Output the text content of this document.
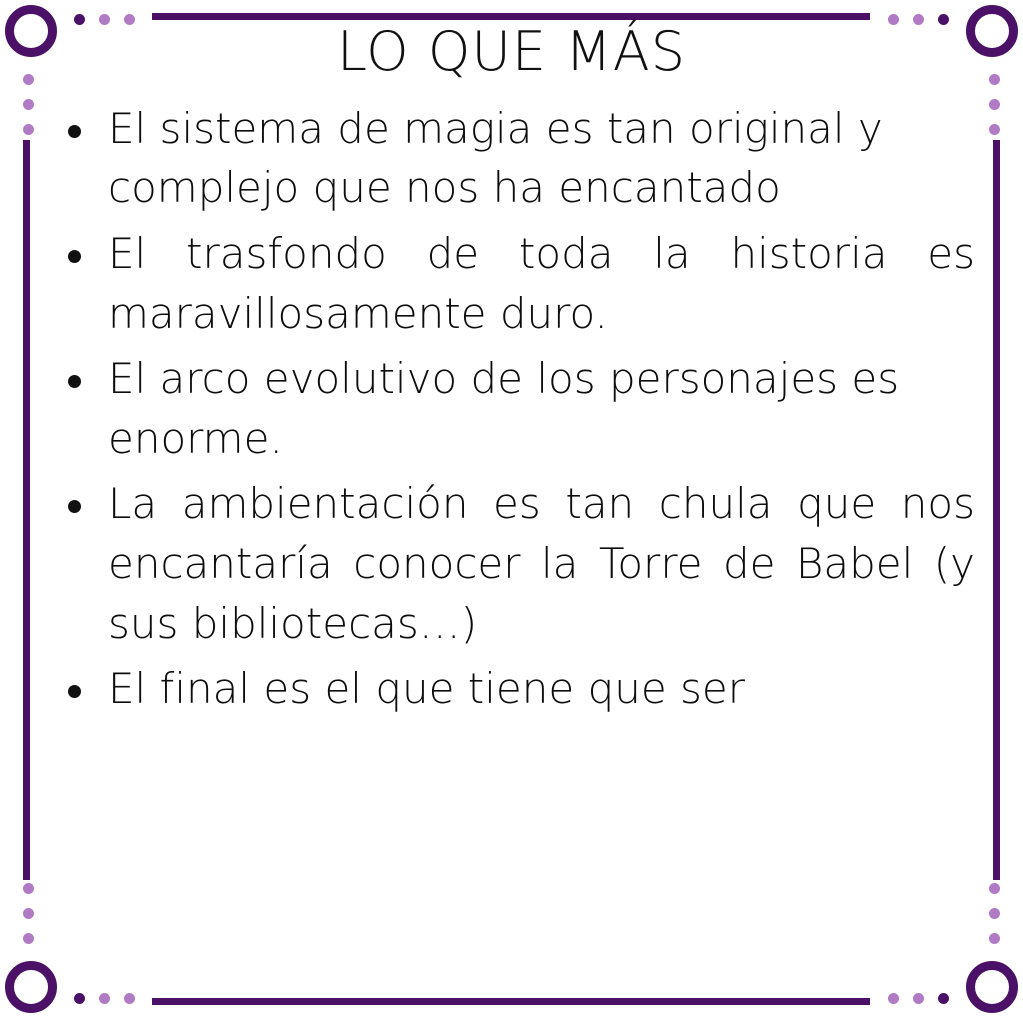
LO QUE MÁS
El sistema de magia es tan original y complejo que nos ha encantado
El trasfondo de toda la historia es maravillosamente duro.
El arco evolutivo de los personajes es enorme.
La ambientación es tan chula que nos encantaría conocer la Torre de Babel (y sus bibliotecas…)
El final es el que tiene que ser
